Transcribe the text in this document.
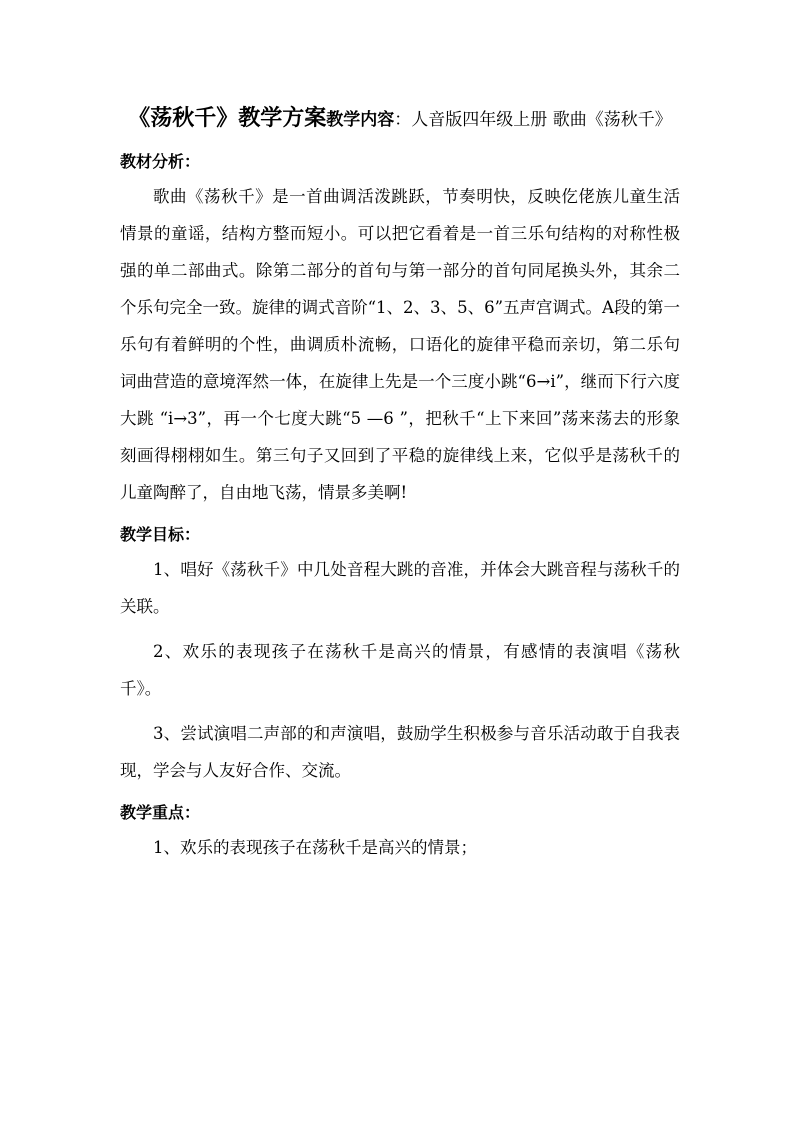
《荡秋千》教学方案教学内容：人音版四年级上册 歌曲《荡秋千》

教材分析：

歌曲《荡秋千》是一首曲调活泼跳跃，节奏明快，反映仡佬族儿童生活情景的童谣，结构方整而短小。可以把它看着是一首三乐句结构的对称性极强的单二部曲式。除第二部分的首句与第一部分的首句同尾换头外，其余二个乐句完全一致。旋律的调式音阶“1、2、3、5、6”五声宫调式。A段的第一乐句有着鲜明的个性，曲调质朴流畅，口语化的旋律平稳而亲切，第二乐句词曲营造的意境浑然一体，在旋律上先是一个三度小跳“6→i”，继而下行六度大跳 “i→3”，再一个七度大跳“5 —6 ”，把秋千“上下来回”荡来荡去的形象刻画得栩栩如生。第三句子又回到了平稳的旋律线上来，它似乎是荡秋千的儿童陶醉了，自由地飞荡，情景多美啊!

教学目标：

1、唱好《荡秋千》中几处音程大跳的音准，并体会大跳音程与荡秋千的关联。

2、欢乐的表现孩子在荡秋千是高兴的情景，有感情的表演唱《荡秋千》。

3、尝试演唱二声部的和声演唱，鼓励学生积极参与音乐活动敢于自我表现，学会与人友好合作、交流。

教学重点：

1、欢乐的表现孩子在荡秋千是高兴的情景；
